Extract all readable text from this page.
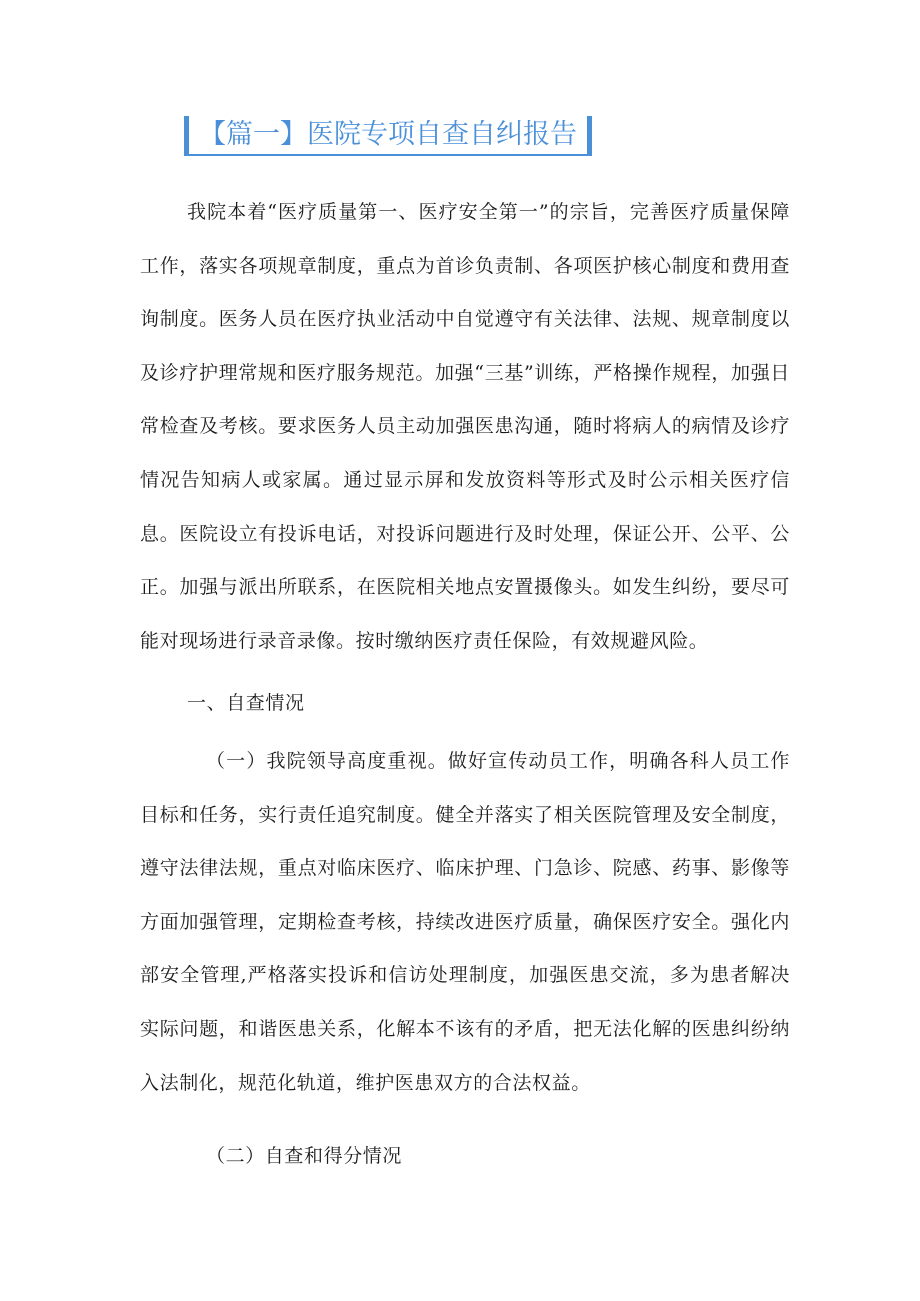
【篇一】医院专项自查自纠报告

我院本着“医疗质量第一、医疗安全第一”的宗旨，完善医疗质量保障工作，落实各项规章制度，重点为首诊负责制、各项医护核心制度和费用查询制度。医务人员在医疗执业活动中自觉遵守有关法律、法规、规章制度以及诊疗护理常规和医疗服务规范。加强“三基”训练，严格操作规程，加强日常检查及考核。要求医务人员主动加强医患沟通，随时将病人的病情及诊疗情况告知病人或家属。通过显示屏和发放资料等形式及时公示相关医疗信息。医院设立有投诉电话，对投诉问题进行及时处理，保证公开、公平、公正。加强与派出所联系，在医院相关地点安置摄像头。如发生纠纷，要尽可能对现场进行录音录像。按时缴纳医疗责任保险，有效规避风险。

一、自查情况

（一）我院领导高度重视。做好宣传动员工作，明确各科人员工作目标和任务，实行责任追究制度。健全并落实了相关医院管理及安全制度，遵守法律法规，重点对临床医疗、临床护理、门急诊、院感、药事、影像等方面加强管理，定期检查考核，持续改进医疗质量，确保医疗安全。强化内部安全管理,严格落实投诉和信访处理制度，加强医患交流，多为患者解决实际问题，和谐医患关系，化解本不该有的矛盾，把无法化解的医患纠纷纳入法制化，规范化轨道，维护医患双方的合法权益。

（二）自查和得分情况
